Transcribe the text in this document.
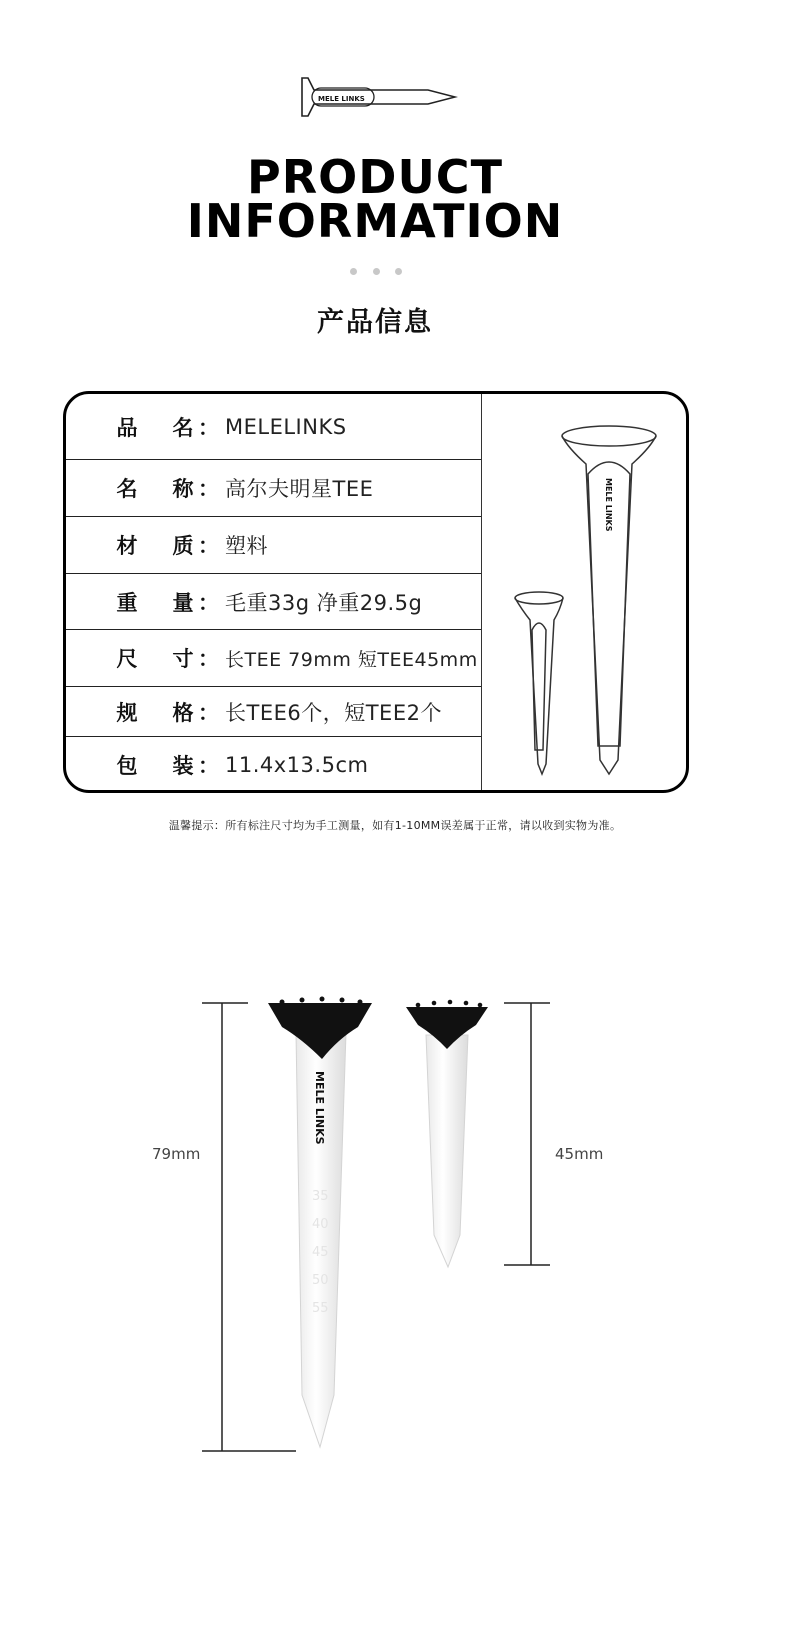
MELE LINKS
PRODUCT
INFORMATION
产品信息
品 名 ： MELELINKS
名 称 ： 高尔夫明星TEE
材 质 ： 塑料
重 量 ： 毛重33g 净重29.5g
尺 寸 ： 长TEE 79mm 短TEE45mm
规 格 ： 长TEE6个，短TEE2个
包 装 ： 11.4x13.5cm
MELE LINKS
温馨提示：所有标注尺寸均为手工测量，如有1-10MM误差属于正常，请以收到实物为准。
MELE LINKS
35
40
45
50
55
79mm	45mm
